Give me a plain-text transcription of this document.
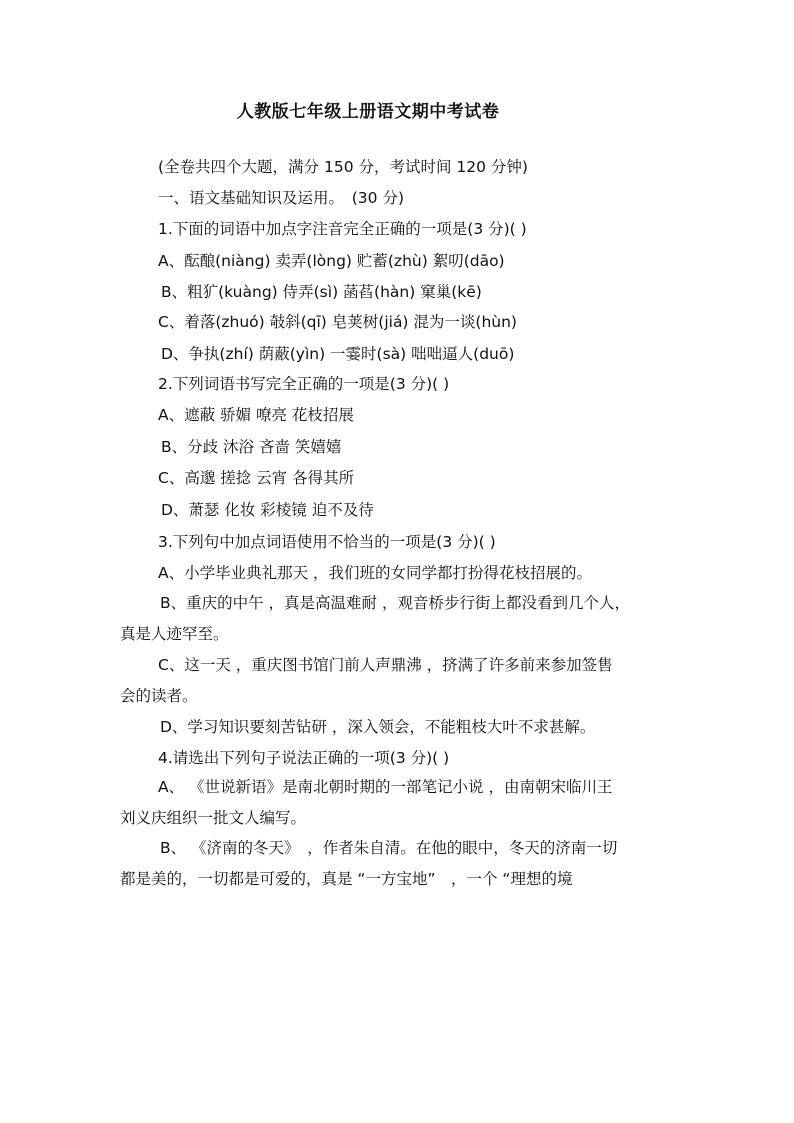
人教版七年级上册语文期中考试卷
(全卷共四个大题，满分 150 分，考试时间 120 分钟)
一、语文基础知识及运用。　(30 分)
1.下面的词语中加点字注音完全正确的一项是(3 分)( )
A、酝酿(niàng) 卖弄(lòng) 贮蓄(zhù) 絮叨(dāo)
B、粗犷(kuàng) 侍弄(sì) 菡萏(hàn) 窠巢(kē)
C、着落(zhuó) 攲斜(qī) 皂荚树(jiá) 混为一谈(hùn)
D、争执(zhí) 荫蔽(yìn) 一霎时(sà) 咄咄逼人(duō)
2.下列词语书写完全正确的一项是(3 分)( )
A、遮蔽 骄媚 嘹亮 花枝招展
B、分歧 沐浴 吝啬 笑嬉嬉
C、高邈 搓捻 云宵 各得其所
D、萧瑟 化妆 彩棱镜 迫不及待
3.下列句中加点词语使用不恰当的一项是(3 分)( )
A、小学毕业典礼那天 ，我们班的女同学都打扮得花枝招展的。
B、重庆的中午 ，真是高温难耐 ，观音桥步行街上都没看到几个人，
真是人迹罕至。
C、这一天 ，重庆图书馆门前人声鼎沸 ，挤满了许多前来参加签售
会的读者。
D、学习知识要刻苦钻研 ，深入领会，不能粗枝大叶不求甚解。
4.请选出下列句子说法正确的一项(3 分)( )
A、 《世说新语》是南北朝时期的一部笔记小说 ，由南朝宋临川王
刘义庆组织一批文人编写。
B、 《济南的冬天》　，作者朱自清。在他的眼中，冬天的济南一切
都是美的，一切都是可爱的，真是 “一方宝地”　，一个 “理想的境
